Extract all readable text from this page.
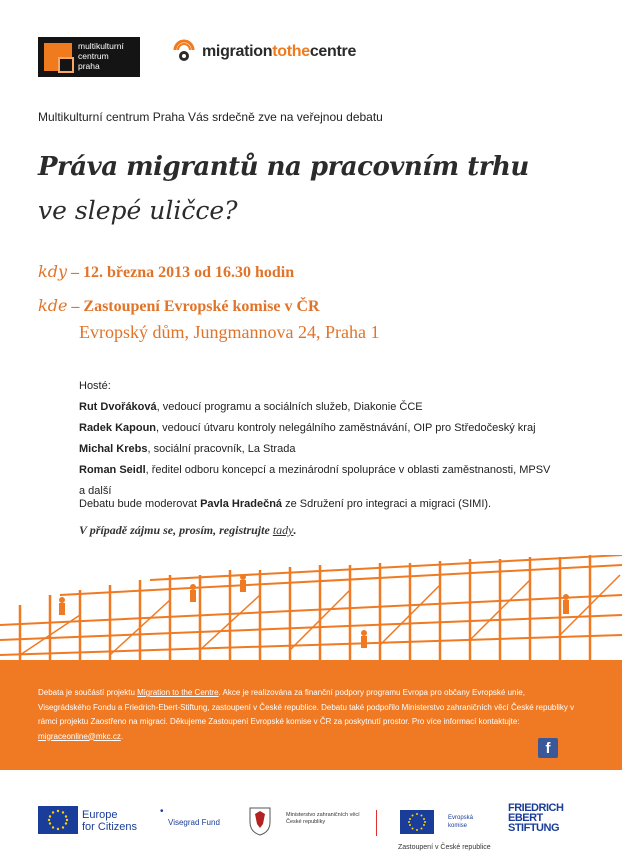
multikulturní
centrum
praha
migrationtothecentre
Multikulturní centrum Praha Vás srdečně zve na veřejnou debatu
Práva migrantů na pracovním trhu
ve slepé uličce?
kdy – 12. března 2013 od 16.30 hodin
kde – Zastoupení Evropské komise v ČR
Evropský dům, Jungmannova 24, Praha 1
Hosté:
Rut Dvořáková, vedoucí programu a sociálních služeb, Diakonie ČCE
Radek Kapoun, vedoucí útvaru kontroly nelegálního zaměstnávání, OIP pro Středočeský kraj
Michal Krebs, sociální pracovník, La Strada
Roman Seidl, ředitel odboru koncepcí a mezinárodní spolupráce v oblasti zaměstnanosti, MPSV
a další
Debatu bude moderovat Pavla Hradečná ze Sdružení pro integraci a migraci (SIMI).
V případě zájmu se, prosím, registrujte tady.
Debata je součástí projektu Migration to the Centre. Akce je realizována za finanční podpory programu Evropa pro občany Evropské unie, Visegrádského Fondu a Friedrich-Ebert-Stiftung, zastoupení v České republice. Debatu také podpořilo Ministerstvo zahraničních věcí České republiky v rámci projektu Zaostřeno na migraci. Děkujeme Zastoupení Evropské komise v ČR za poskytnutí prostor. Pro více informací kontaktujte: migraceonline@mkc.cz.
f
Europe
for Citizens
•
Visegrad Fund
Ministerstvo zahraničních věcí České republiky
Evropská
komise
Zastoupení v České republice
FRIEDRICH
EBERT
STIFTUNG
